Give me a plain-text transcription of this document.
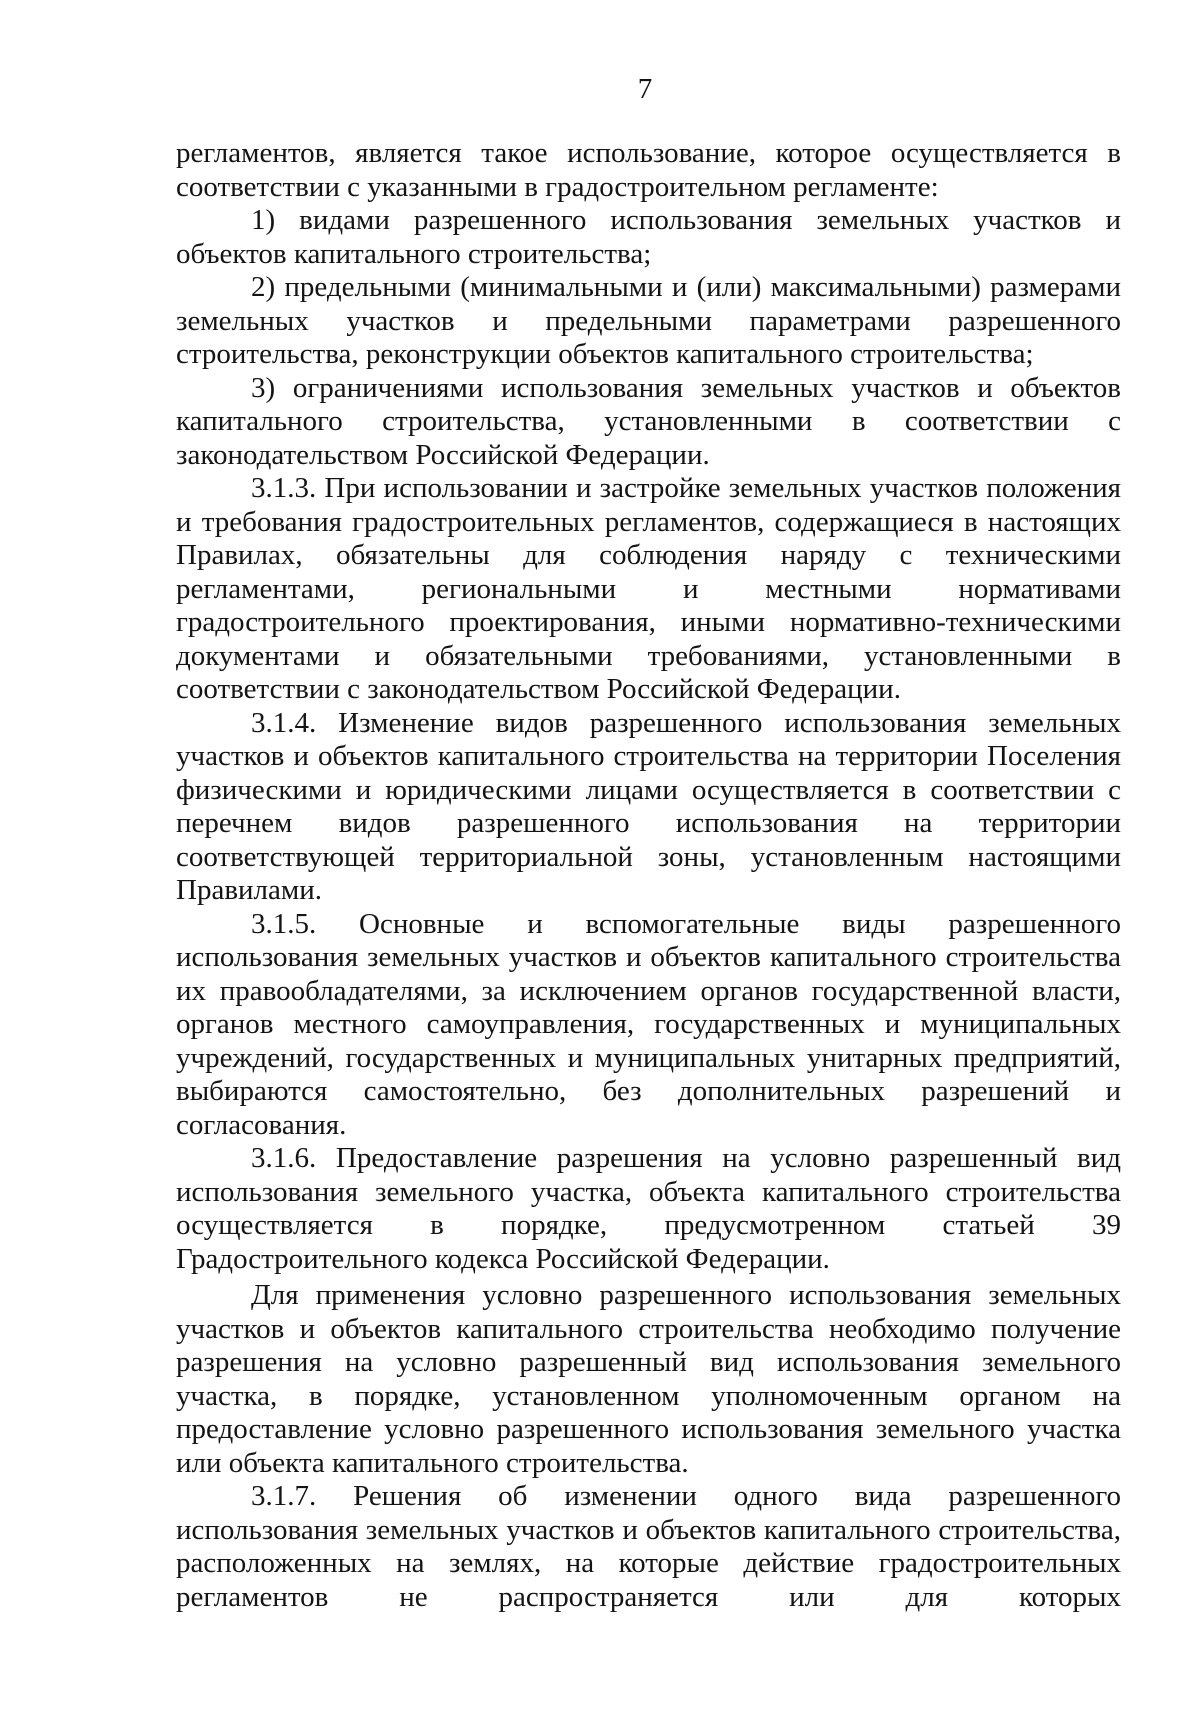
7

регламентов, является такое использование, которое осуществляется в соответствии с указанными в градостроительном регламенте:

1) видами разрешенного использования земельных участков и объектов капитального строительства;

2) предельными (минимальными и (или) максимальными) размерами земельных участков и предельными параметрами разрешенного строительства, реконструкции объектов капитального строительства;

3) ограничениями использования земельных участков и объектов капитального строительства, установленными в соответствии с законодательством Российской Федерации.

3.1.3. При использовании и застройке земельных участков положения и требования градостроительных регламентов, содержащиеся в настоящих Правилах, обязательны для соблюдения наряду с техническими регламентами, региональными и местными нормативами градостроительного проектирования, иными нормативно-техническими документами и обязательными требованиями, установленными в соответствии с законодательством Российской Федерации.

3.1.4. Изменение видов разрешенного использования земельных участков и объектов капитального строительства на территории Поселения физическими и юридическими лицами осуществляется в соответствии с перечнем видов разрешенного использования на территории соответствующей территориальной зоны, установленным настоящими Правилами.

3.1.5. Основные и вспомогательные виды разрешенного использования земельных участков и объектов капитального строительства их правообладателями, за исключением органов государственной власти, органов местного самоуправления, государственных и муниципальных учреждений, государственных и муниципальных унитарных предприятий, выбираются самостоятельно, без дополнительных разрешений и согласования.

3.1.6. Предоставление разрешения на условно разрешенный вид использования земельного участка, объекта капитального строительства осуществляется в порядке, предусмотренном статьей 39 Градостроительного кодекса Российской Федерации.

Для применения условно разрешенного использования земельных участков и объектов капитального строительства необходимо получение разрешения на условно разрешенный вид использования земельного участка, в порядке, установленном уполномоченным органом на предоставление условно разрешенного использования земельного участка или объекта капитального строительства.

3.1.7. Решения об изменении одного вида разрешенного использования земельных участков и объектов капитального строительства, расположенных на землях, на которые действие градостроительных регламентов не распространяется или для которых
